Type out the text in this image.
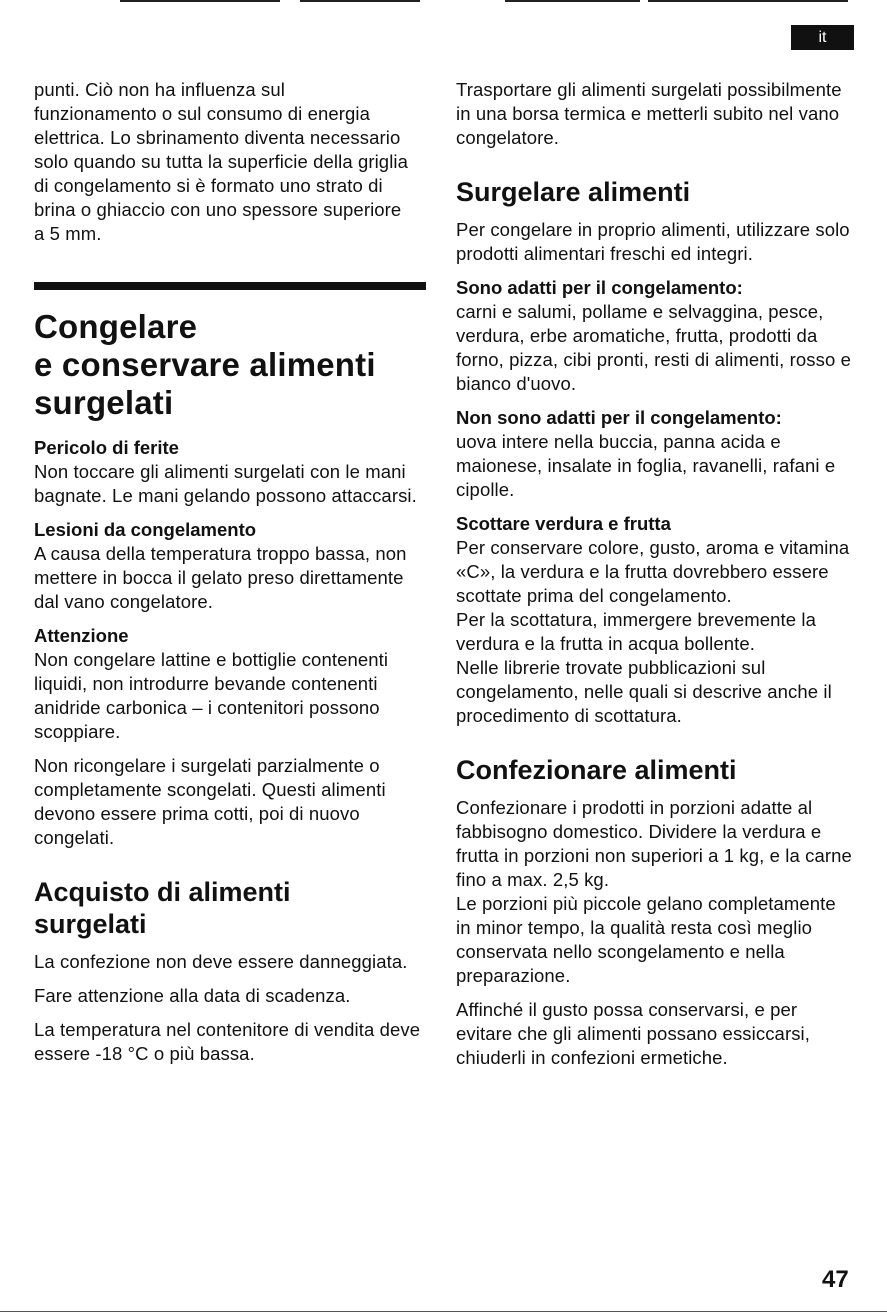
it

punti. Ciò non ha influenza sul funzionamento o sul consumo di energia elettrica. Lo sbrinamento diventa necessario solo quando su tutta la superficie della griglia di congelamento si è formato uno strato di brina o ghiaccio con uno spessore superiore a 5 mm.

Congelare
e conservare alimenti
surgelati
Pericolo di ferite

Non toccare gli alimenti surgelati con le mani bagnate. Le mani gelando possono attaccarsi.

Lesioni da congelamento

A causa della temperatura troppo bassa, non mettere in bocca il gelato preso direttamente dal vano congelatore.

Attenzione

Non congelare lattine e bottiglie contenenti liquidi, non introdurre bevande contenenti anidride carbonica – i contenitori possono scoppiare.

Non ricongelare i surgelati parzialmente o completamente scongelati. Questi alimenti devono essere prima cotti, poi di nuovo congelati.

Acquisto di alimenti
surgelati

La confezione non deve essere danneggiata.

Fare attenzione alla data di scadenza.

La temperatura nel contenitore di vendita deve essere -18 °C o più bassa.

Trasportare gli alimenti surgelati possibilmente in una borsa termica e metterli subito nel vano congelatore.

Surgelare alimenti

Per congelare in proprio alimenti, utilizzare solo prodotti alimentari freschi ed integri.

Sono adatti per il congelamento:

carni e salumi, pollame e selvaggina, pesce, verdura, erbe aromatiche, frutta, prodotti da forno, pizza, cibi pronti, resti di alimenti, rosso e bianco d'uovo.

Non sono adatti per il congelamento:

uova intere nella buccia, panna acida e maionese, insalate in foglia, ravanelli, rafani e cipolle.

Scottare verdura e frutta

Per conservare colore, gusto, aroma e vitamina «C», la verdura e la frutta dovrebbero essere scottate prima del congelamento.

Per la scottatura, immergere brevemente la verdura e la frutta in acqua bollente.

Nelle librerie trovate pubblicazioni sul congelamento, nelle quali si descrive anche il procedimento di scottatura.

Confezionare alimenti

Confezionare i prodotti in porzioni adatte al fabbisogno domestico. Dividere la verdura e frutta in porzioni non superiori a 1 kg, e la carne fino a max. 2,5 kg.

Le porzioni più piccole gelano completamente in minor tempo, la qualità resta così meglio conservata nello scongelamento e nella preparazione.

Affinché il gusto possa conservarsi, e per evitare che gli alimenti possano essiccarsi, chiuderli in confezioni ermetiche.

47
